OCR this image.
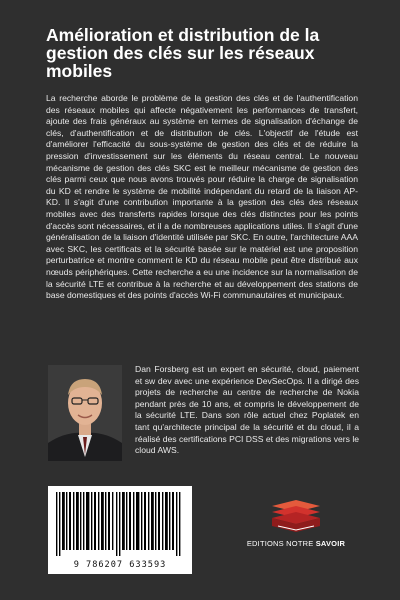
Amélioration et distribution de la gestion des clés sur les réseaux mobiles

La recherche aborde le problème de la gestion des clés et de l'authentification des réseaux mobiles qui affecte négativement les performances de transfert, ajoute des frais généraux au système en termes de signalisation d'échange de clés, d'authentification et de distribution de clés. L'objectif de l'étude est d'améliorer l'efficacité du sous-système de gestion des clés et de réduire la pression d'investissement sur les éléments du réseau central. Le nouveau mécanisme de gestion des clés SKC est le meilleur mécanisme de gestion des clés parmi ceux que nous avons trouvés pour réduire la charge de signalisation du KD et rendre le système de mobilité indépendant du retard de la liaison AP-KD. Il s'agit d'une contribution importante à la gestion des clés des réseaux mobiles avec des transferts rapides lorsque des clés distinctes pour les points d'accès sont nécessaires, et il a de nombreuses applications utiles. Il s'agit d'une généralisation de la liaison d'identité utilisée par SKC. En outre, l'architecture AAA avec SKC, les certificats et la sécurité basée sur le matériel est une proposition perturbatrice et montre comment le KD du réseau mobile peut être distribué aux nœuds périphériques. Cette recherche a eu une incidence sur la normalisation de la sécurité LTE et contribue à la recherche et au développement des stations de base domestiques et des points d'accès Wi-Fi communautaires et municipaux.

Dan Forsberg est un expert en sécurité, cloud, paiement et sw dev avec une expérience DevSecOps. Il a dirigé des projets de recherche au centre de recherche de Nokia pendant près de 10 ans, et compris le développement de la sécurité LTE. Dans son rôle actuel chez Poplatek en tant qu'architecte principal de la sécurité et du cloud, il a réalisé des certifications PCI DSS et des migrations vers le cloud AWS.

9 786207 633593
EDITIONS NOTRE SAVOIR
